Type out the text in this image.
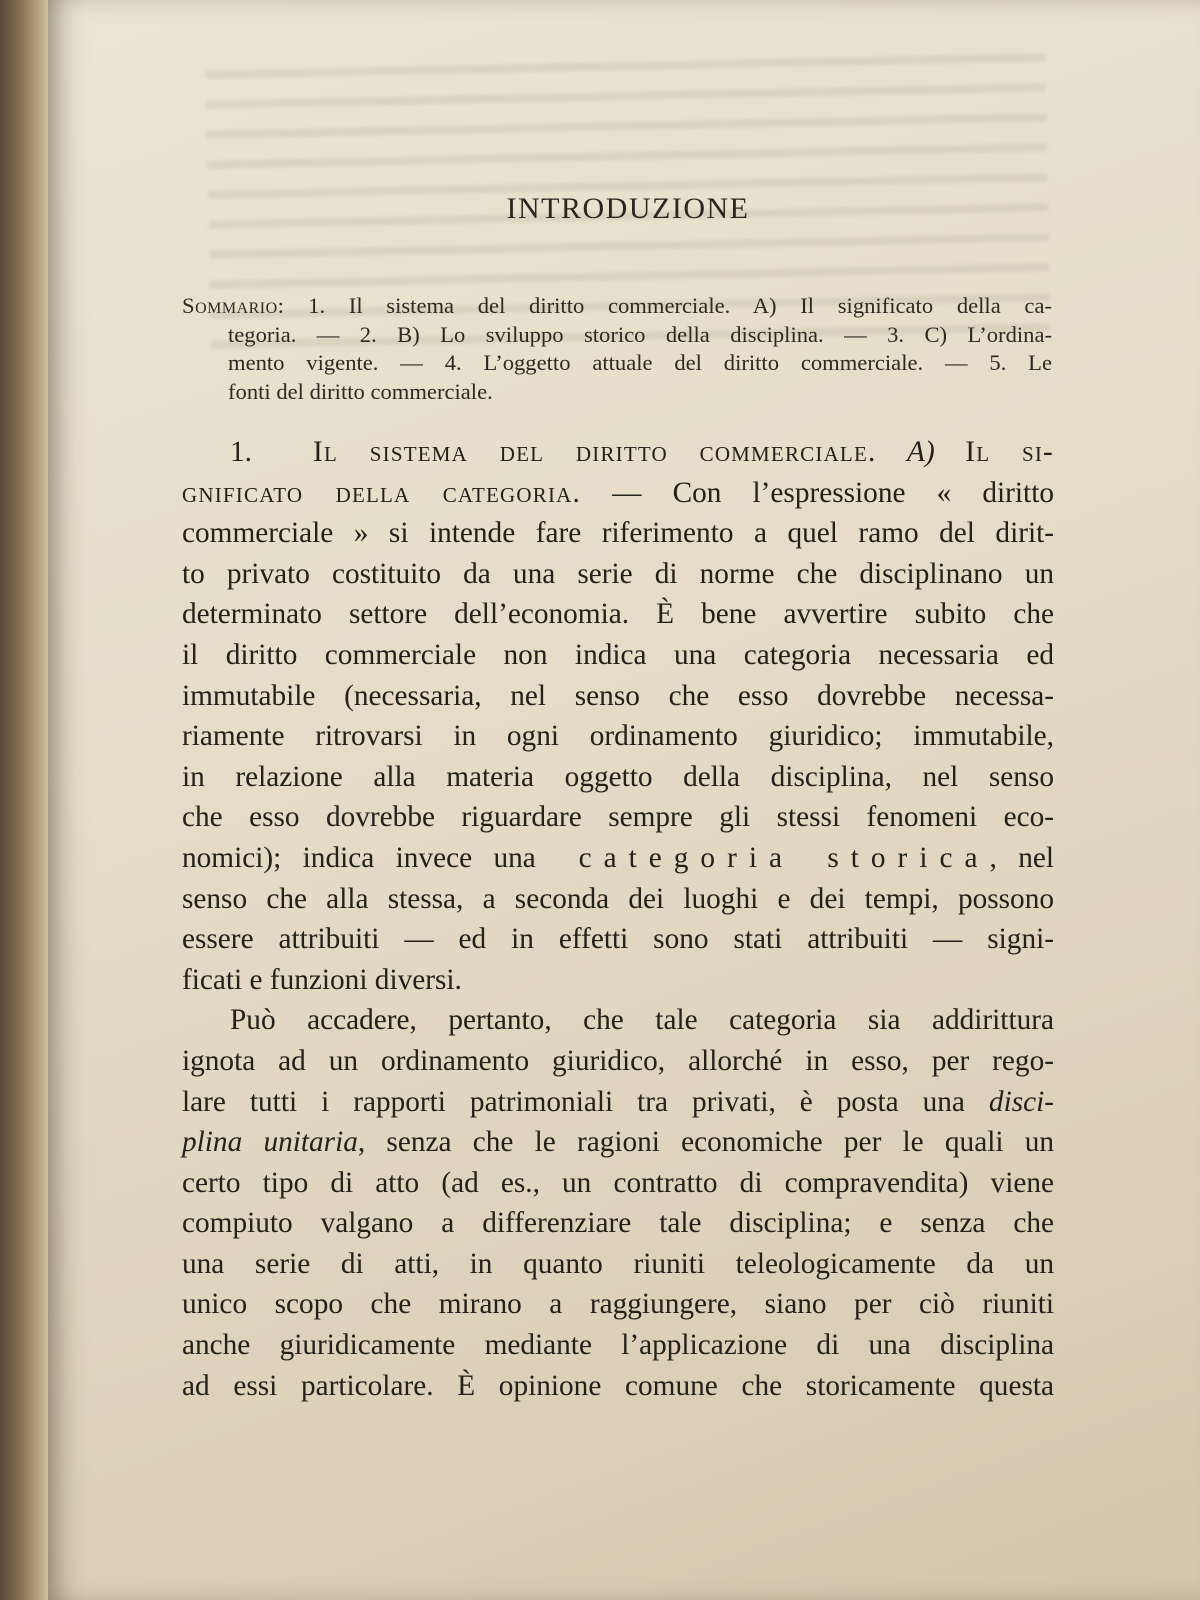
INTRODUZIONE
Sommario: 1. Il sistema del diritto commerciale. A) Il significato della ca-
tegoria. — 2. B) Lo sviluppo storico della disciplina. — 3. C) L’ordina-
mento vigente. — 4. L’oggetto attuale del diritto commerciale. — 5. Le
fonti del diritto commerciale.
1. Il sistema del diritto commerciale. A) Il si-
gnificato della categoria. — Con l’espressione « diritto
commerciale » si intende fare riferimento a quel ramo del dirit-
to privato costituito da una serie di norme che disciplinano un
determinato settore dell’economia. È bene avvertire subito che
il diritto commerciale non indica una categoria necessaria ed
immutabile (necessaria, nel senso che esso dovrebbe necessa-
riamente ritrovarsi in ogni ordinamento giuridico; immutabile,
in relazione alla materia oggetto della disciplina, nel senso
che esso dovrebbe riguardare sempre gli stessi fenomeni eco-
nomici); indica invece una categoria storica, nel
senso che alla stessa, a seconda dei luoghi e dei tempi, possono
essere attribuiti — ed in effetti sono stati attribuiti — signi-
ficati e funzioni diversi.
Può accadere, pertanto, che tale categoria sia addirittura
ignota ad un ordinamento giuridico, allorché in esso, per rego-
lare tutti i rapporti patrimoniali tra privati, è posta una disci-
plina unitaria, senza che le ragioni economiche per le quali un
certo tipo di atto (ad es., un contratto di compravendita) viene
compiuto valgano a differenziare tale disciplina; e senza che
una serie di atti, in quanto riuniti teleologicamente da un
unico scopo che mirano a raggiungere, siano per ciò riuniti
anche giuridicamente mediante l’applicazione di una disciplina
ad essi particolare. È opinione comune che storicamente questa
